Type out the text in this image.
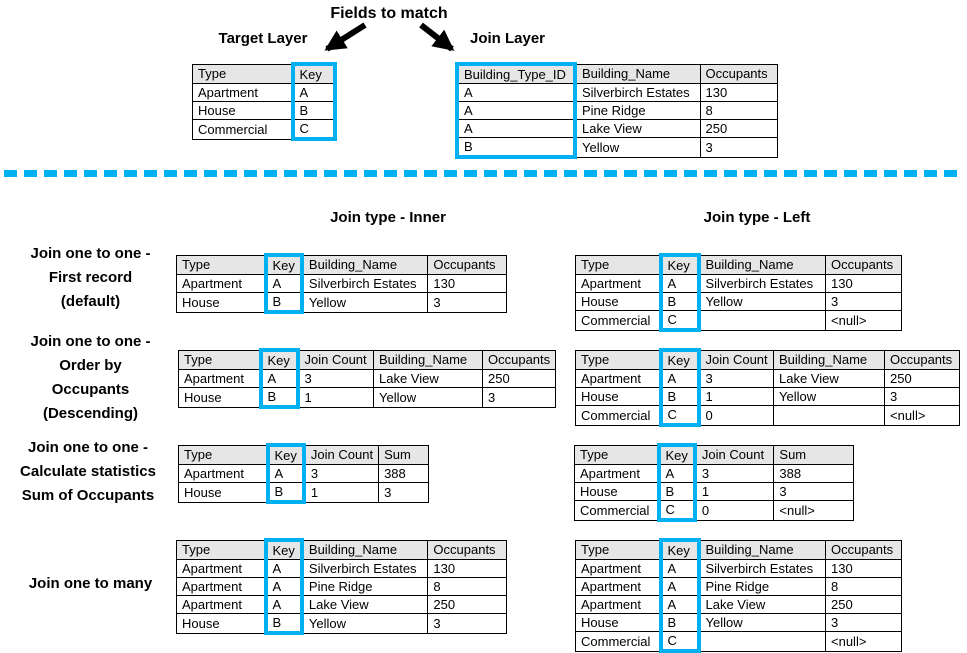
Fields to match
Target Layer	Join Layer
Type	Key
Apartment	A
House	B
Commercial	C
Building_Type_ID	Building_Name	Occupants
A	Silverbirch Estates	130
A	Pine Ridge	8
A	Lake View	250
B	Yellow	3
Join type - Inner	Join type - Left
Join one to one -
First record
(default)
Type	Key	Building_Name	Occupants
Apartment	A	Silverbirch Estates	130
House	B	Yellow	3
Type	Key	Building_Name	Occupants
Apartment	A	Silverbirch Estates	130
House	B	Yellow	3
Commercial	C		<null>
Join one to one -
Order by
Occupants
(Descending)
Type	Key	Join Count	Building_Name	Occupants
Apartment	A	3	Lake View	250
House	B	1	Yellow	3
Type	Key	Join Count	Building_Name	Occupants
Apartment	A	3	Lake View	250
House	B	1	Yellow	3
Commercial	C	0		<null>
Join one to one -
Calculate statistics
Sum of Occupants
Type	Key	Join Count	Sum
Apartment	A	3	388
House	B	1	3
Type	Key	Join Count	Sum
Apartment	A	3	388
House	B	1	3
Commercial	C	0	<null>
Join one to many
Type	Key	Building_Name	Occupants
Apartment	A	Silverbirch Estates	130
Apartment	A	Pine Ridge	8
Apartment	A	Lake View	250
House	B	Yellow	3
Type	Key	Building_Name	Occupants
Apartment	A	Silverbirch Estates	130
Apartment	A	Pine Ridge	8
Apartment	A	Lake View	250
House	B	Yellow	3
Commercial	C		<null>
